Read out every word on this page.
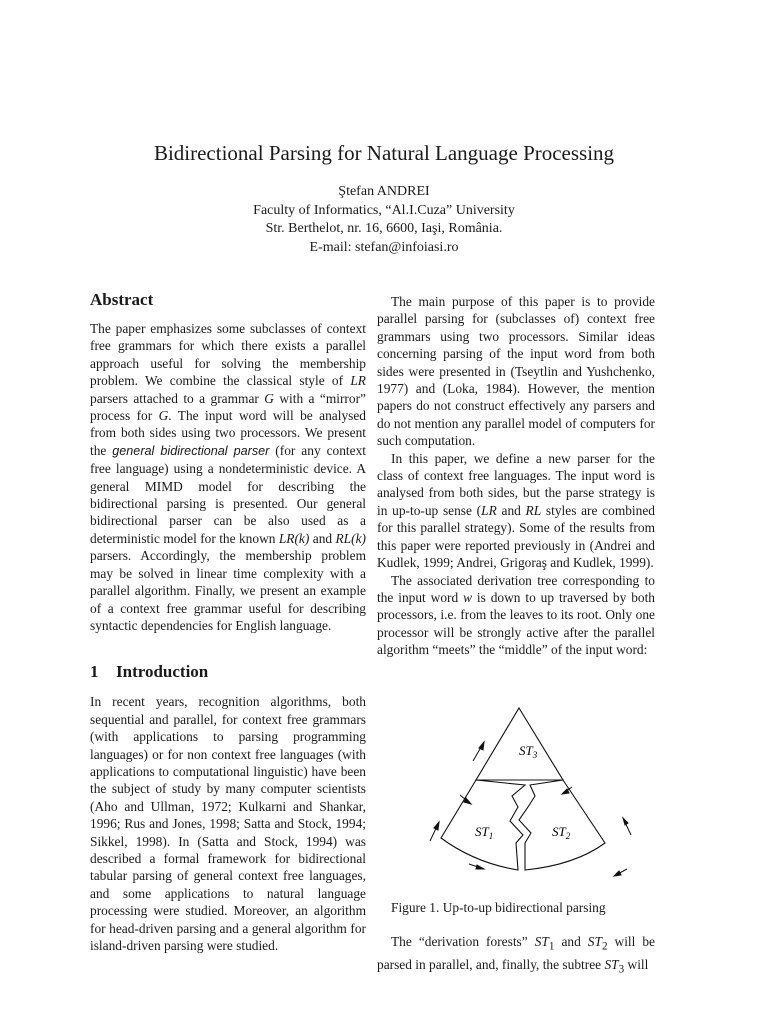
Bidirectional Parsing for Natural Language Processing
Ştefan ANDREI
Faculty of Informatics, “Al.I.Cuza” University
Str. Berthelot, nr. 16, 6600, Iaşi, România.
E-mail: stefan@infoiasi.ro
Abstract

The paper emphasizes some subclasses of context free grammars for which there exists a parallel approach useful for solving the membership problem. We combine the classical style of LR parsers attached to a grammar G with a “mirror” process for G. The input word will be analysed from both sides using two processors. We present the general bidirectional parser (for any context free language) using a nondeterministic device. A general MIMD model for describing the bidirectional parsing is presented. Our general bidirectional parser can be also used as a deterministic model for the known LR(k) and RL(k) parsers. Accordingly, the membership problem may be solved in linear time complexity with a parallel algorithm. Finally, we present an example of a context free grammar useful for describing syntactic dependencies for English language.

1 Introduction

In recent years, recognition algorithms, both sequential and parallel, for context free grammars (with applications to parsing programming languages) or for non context free languages (with applications to computational linguistic) have been the subject of study by many computer scientists (Aho and Ullman, 1972; Kulkarni and Shankar, 1996; Rus and Jones, 1998; Satta and Stock, 1994; Sikkel, 1998). In (Satta and Stock, 1994) was described a formal framework for bidirectional tabular parsing of general context free languages, and some applications to natural language processing were studied. Moreover, an algorithm for head-driven parsing and a general algorithm for island-driven parsing were studied.

The main purpose of this paper is to provide parallel parsing for (subclasses of) context free grammars using two processors. Similar ideas concerning parsing of the input word from both sides were presented in (Tseytlin and Yushchenko, 1977) and (Loka, 1984). However, the mention papers do not construct effectively any parsers and do not mention any parallel model of computers for such computation.

In this paper, we define a new parser for the class of context free languages. The input word is analysed from both sides, but the parse strategy is in up-to-up sense (LR and RL styles are combined for this parallel strategy). Some of the results from this paper were reported previously in (Andrei and Kudlek, 1999; Andrei, Grigoraş and Kudlek, 1999).

The associated derivation tree corresponding to the input word w is down to up traversed by both processors, i.e. from the leaves to its root. Only one processor will be strongly active after the parallel algorithm “meets” the “middle” of the input word:

$ST_3$
$ST_1$	$ST_2$
Figure 1. Up-to-up bidirectional parsing

The “derivation forests” $ST_1$ and $ST_2$ will be parsed in parallel, and, finally, the subtree $ST_3$ will
